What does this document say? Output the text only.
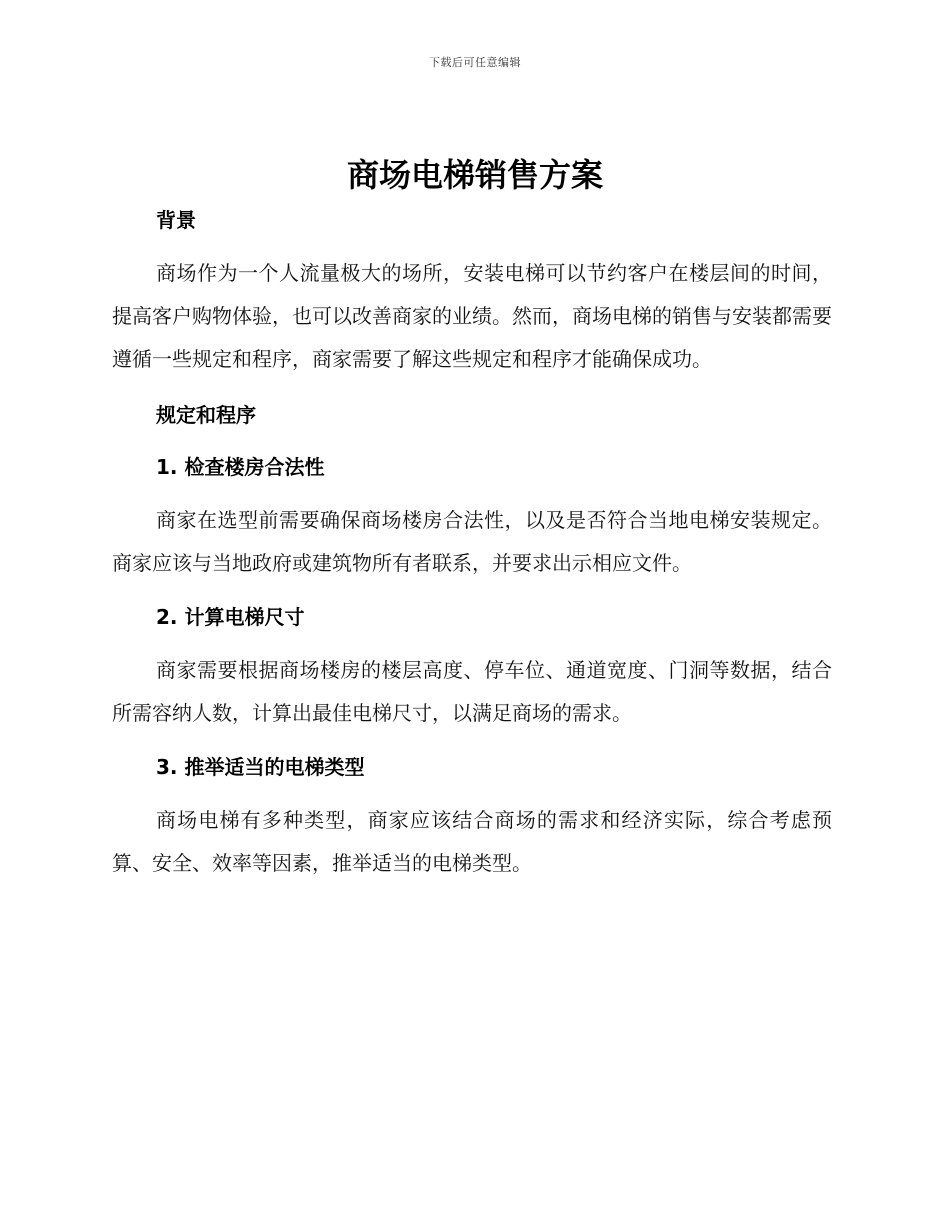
下载后可任意编辑
商场电梯销售方案
背景

商场作为一个人流量极大的场所，安装电梯可以节约客户在楼层间的时间，提高客户购物体验，也可以改善商家的业绩。然而，商场电梯的销售与安装都需要遵循一些规定和程序，商家需要了解这些规定和程序才能确保成功。

规定和程序
1. 检查楼房合法性

商家在选型前需要确保商场楼房合法性，以及是否符合当地电梯安装规定。商家应该与当地政府或建筑物所有者联系，并要求出示相应文件。

2. 计算电梯尺寸

商家需要根据商场楼房的楼层高度、停车位、通道宽度、门洞等数据，结合所需容纳人数，计算出最佳电梯尺寸，以满足商场的需求。

3. 推举适当的电梯类型

商场电梯有多种类型，商家应该结合商场的需求和经济实际，综合考虑预算、安全、效率等因素，推举适当的电梯类型。
